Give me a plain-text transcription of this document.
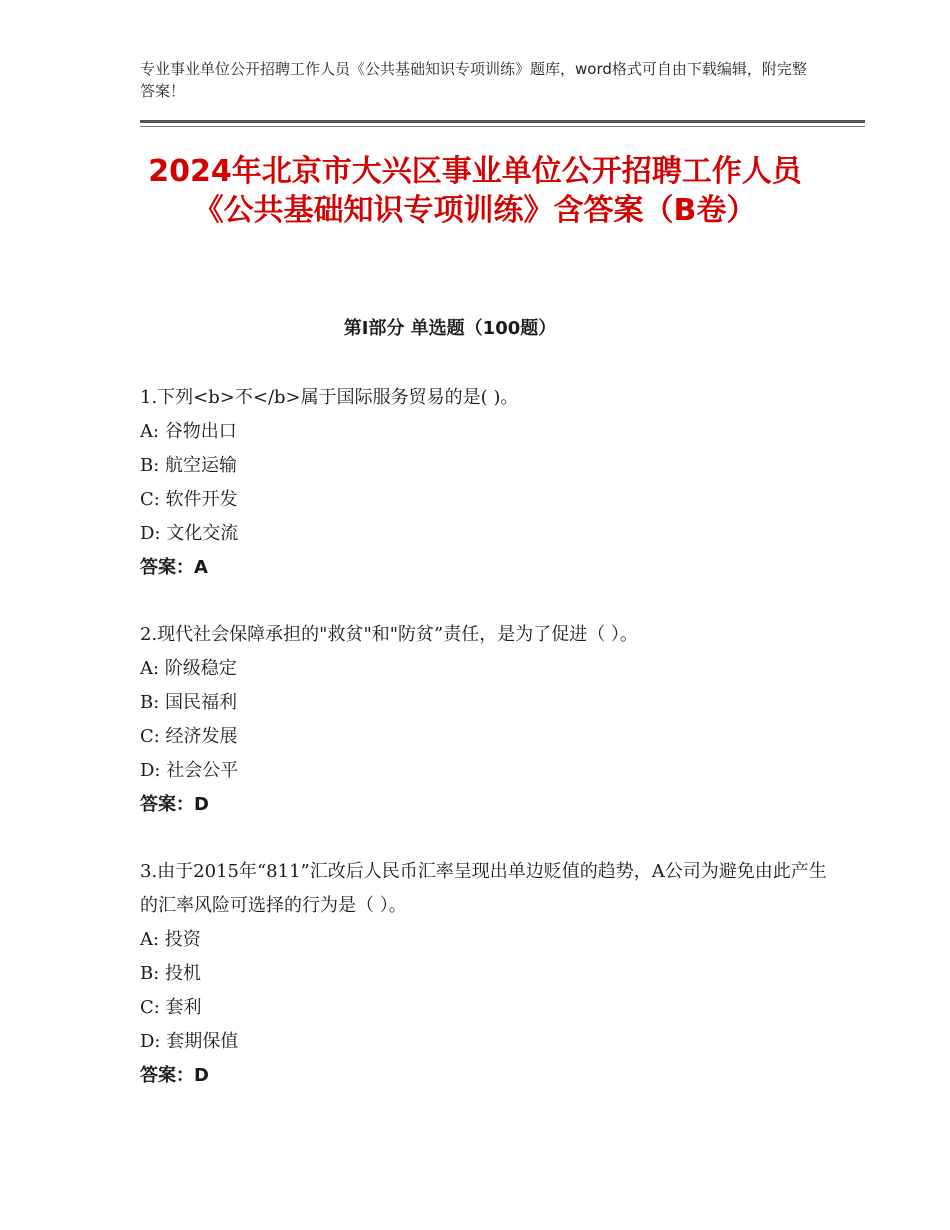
专业事业单位公开招聘工作人员《公共基础知识专项训练》题库，word格式可自由下载编辑，附完整答案！
2024年北京市大兴区事业单位公开招聘工作人员《公共基础知识专项训练》含答案（B卷）
第Ⅰ部分 单选题（100题）
1.下列<b>不</b>属于国际服务贸易的是( )。
A: 谷物出口
B: 航空运输
C: 软件开发
D: 文化交流
答案：A
2.现代社会保障承担的"救贫"和"防贫”责任，是为了促进（ ）。
A: 阶级稳定
B: 国民福利
C: 经济发展
D: 社会公平
答案：D
3.由于2015年“811”汇改后人民币汇率呈现出单边贬值的趋势，A公司为避免由此产生的汇率风险可选择的行为是（ ）。
A: 投资
B: 投机
C: 套利
D: 套期保值
答案：D
